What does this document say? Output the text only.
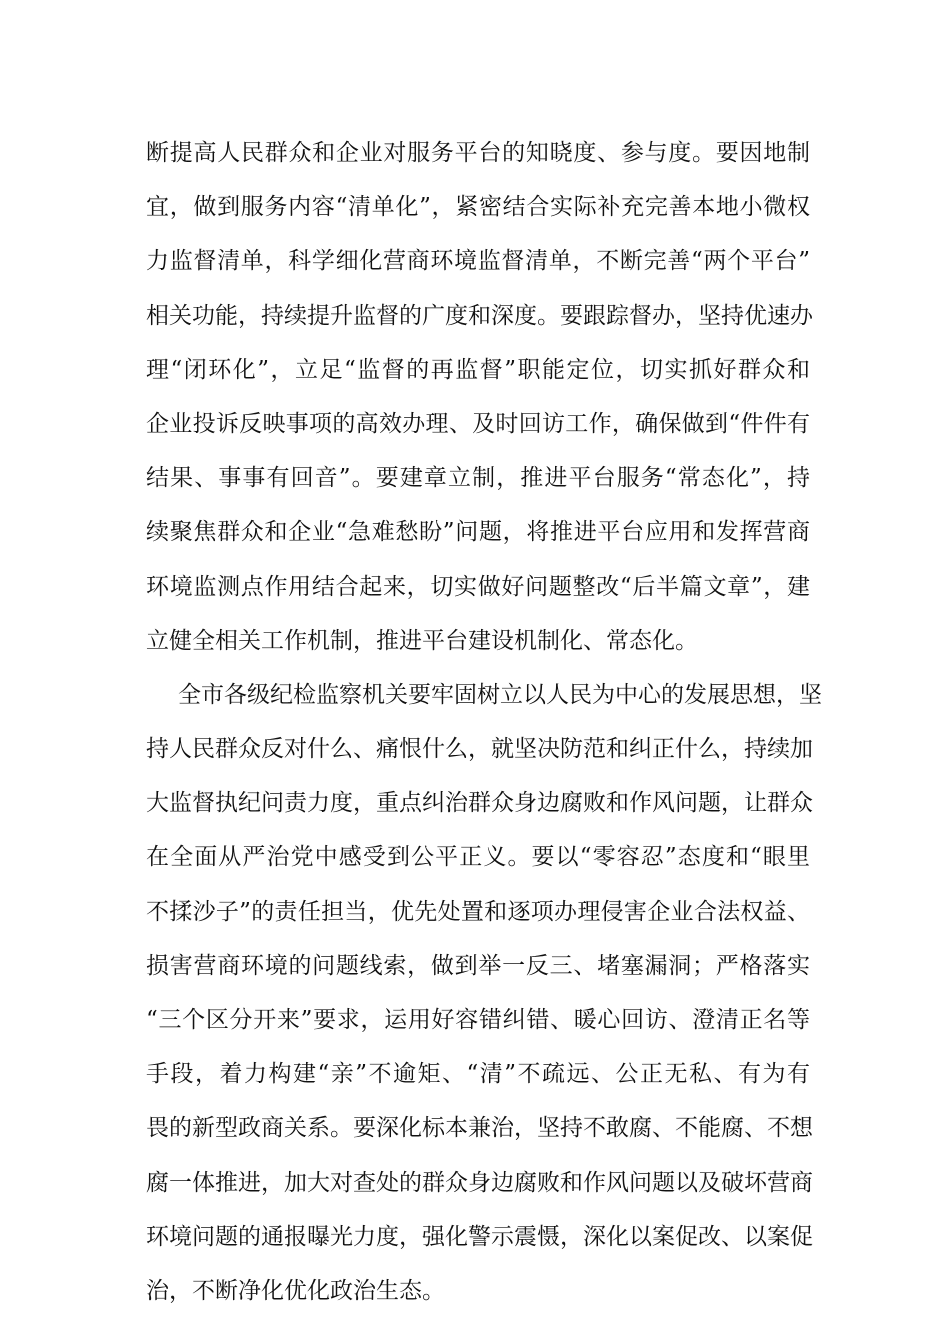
断提高人民群众和企业对服务平台的知晓度、参与度。要因地制
宜，做到服务内容“清单化”，紧密结合实际补充完善本地小微权
力监督清单，科学细化营商环境监督清单，不断完善“两个平台”
相关功能，持续提升监督的广度和深度。要跟踪督办，坚持优速办
理“闭环化”，立足“监督的再监督”职能定位，切实抓好群众和
企业投诉反映事项的高效办理、及时回访工作，确保做到“件件有
结果、事事有回音”。要建章立制，推进平台服务“常态化”，持
续聚焦群众和企业“急难愁盼”问题，将推进平台应用和发挥营商
环境监测点作用结合起来，切实做好问题整改“后半篇文章”，建
立健全相关工作机制，推进平台建设机制化、常态化。
全市各级纪检监察机关要牢固树立以人民为中心的发展思想，坚
持人民群众反对什么、痛恨什么，就坚决防范和纠正什么，持续加
大监督执纪问责力度，重点纠治群众身边腐败和作风问题，让群众
在全面从严治党中感受到公平正义。要以“零容忍”态度和“眼里
不揉沙子”的责任担当，优先处置和逐项办理侵害企业合法权益、
损害营商环境的问题线索，做到举一反三、堵塞漏洞；严格落实
“三个区分开来”要求，运用好容错纠错、暖心回访、澄清正名等
手段，着力构建“亲”不逾矩、“清”不疏远、公正无私、有为有
畏的新型政商关系。要深化标本兼治，坚持不敢腐、不能腐、不想
腐一体推进，加大对查处的群众身边腐败和作风问题以及破坏营商
环境问题的通报曝光力度，强化警示震慑，深化以案促改、以案促
治，不断净化优化政治生态。
